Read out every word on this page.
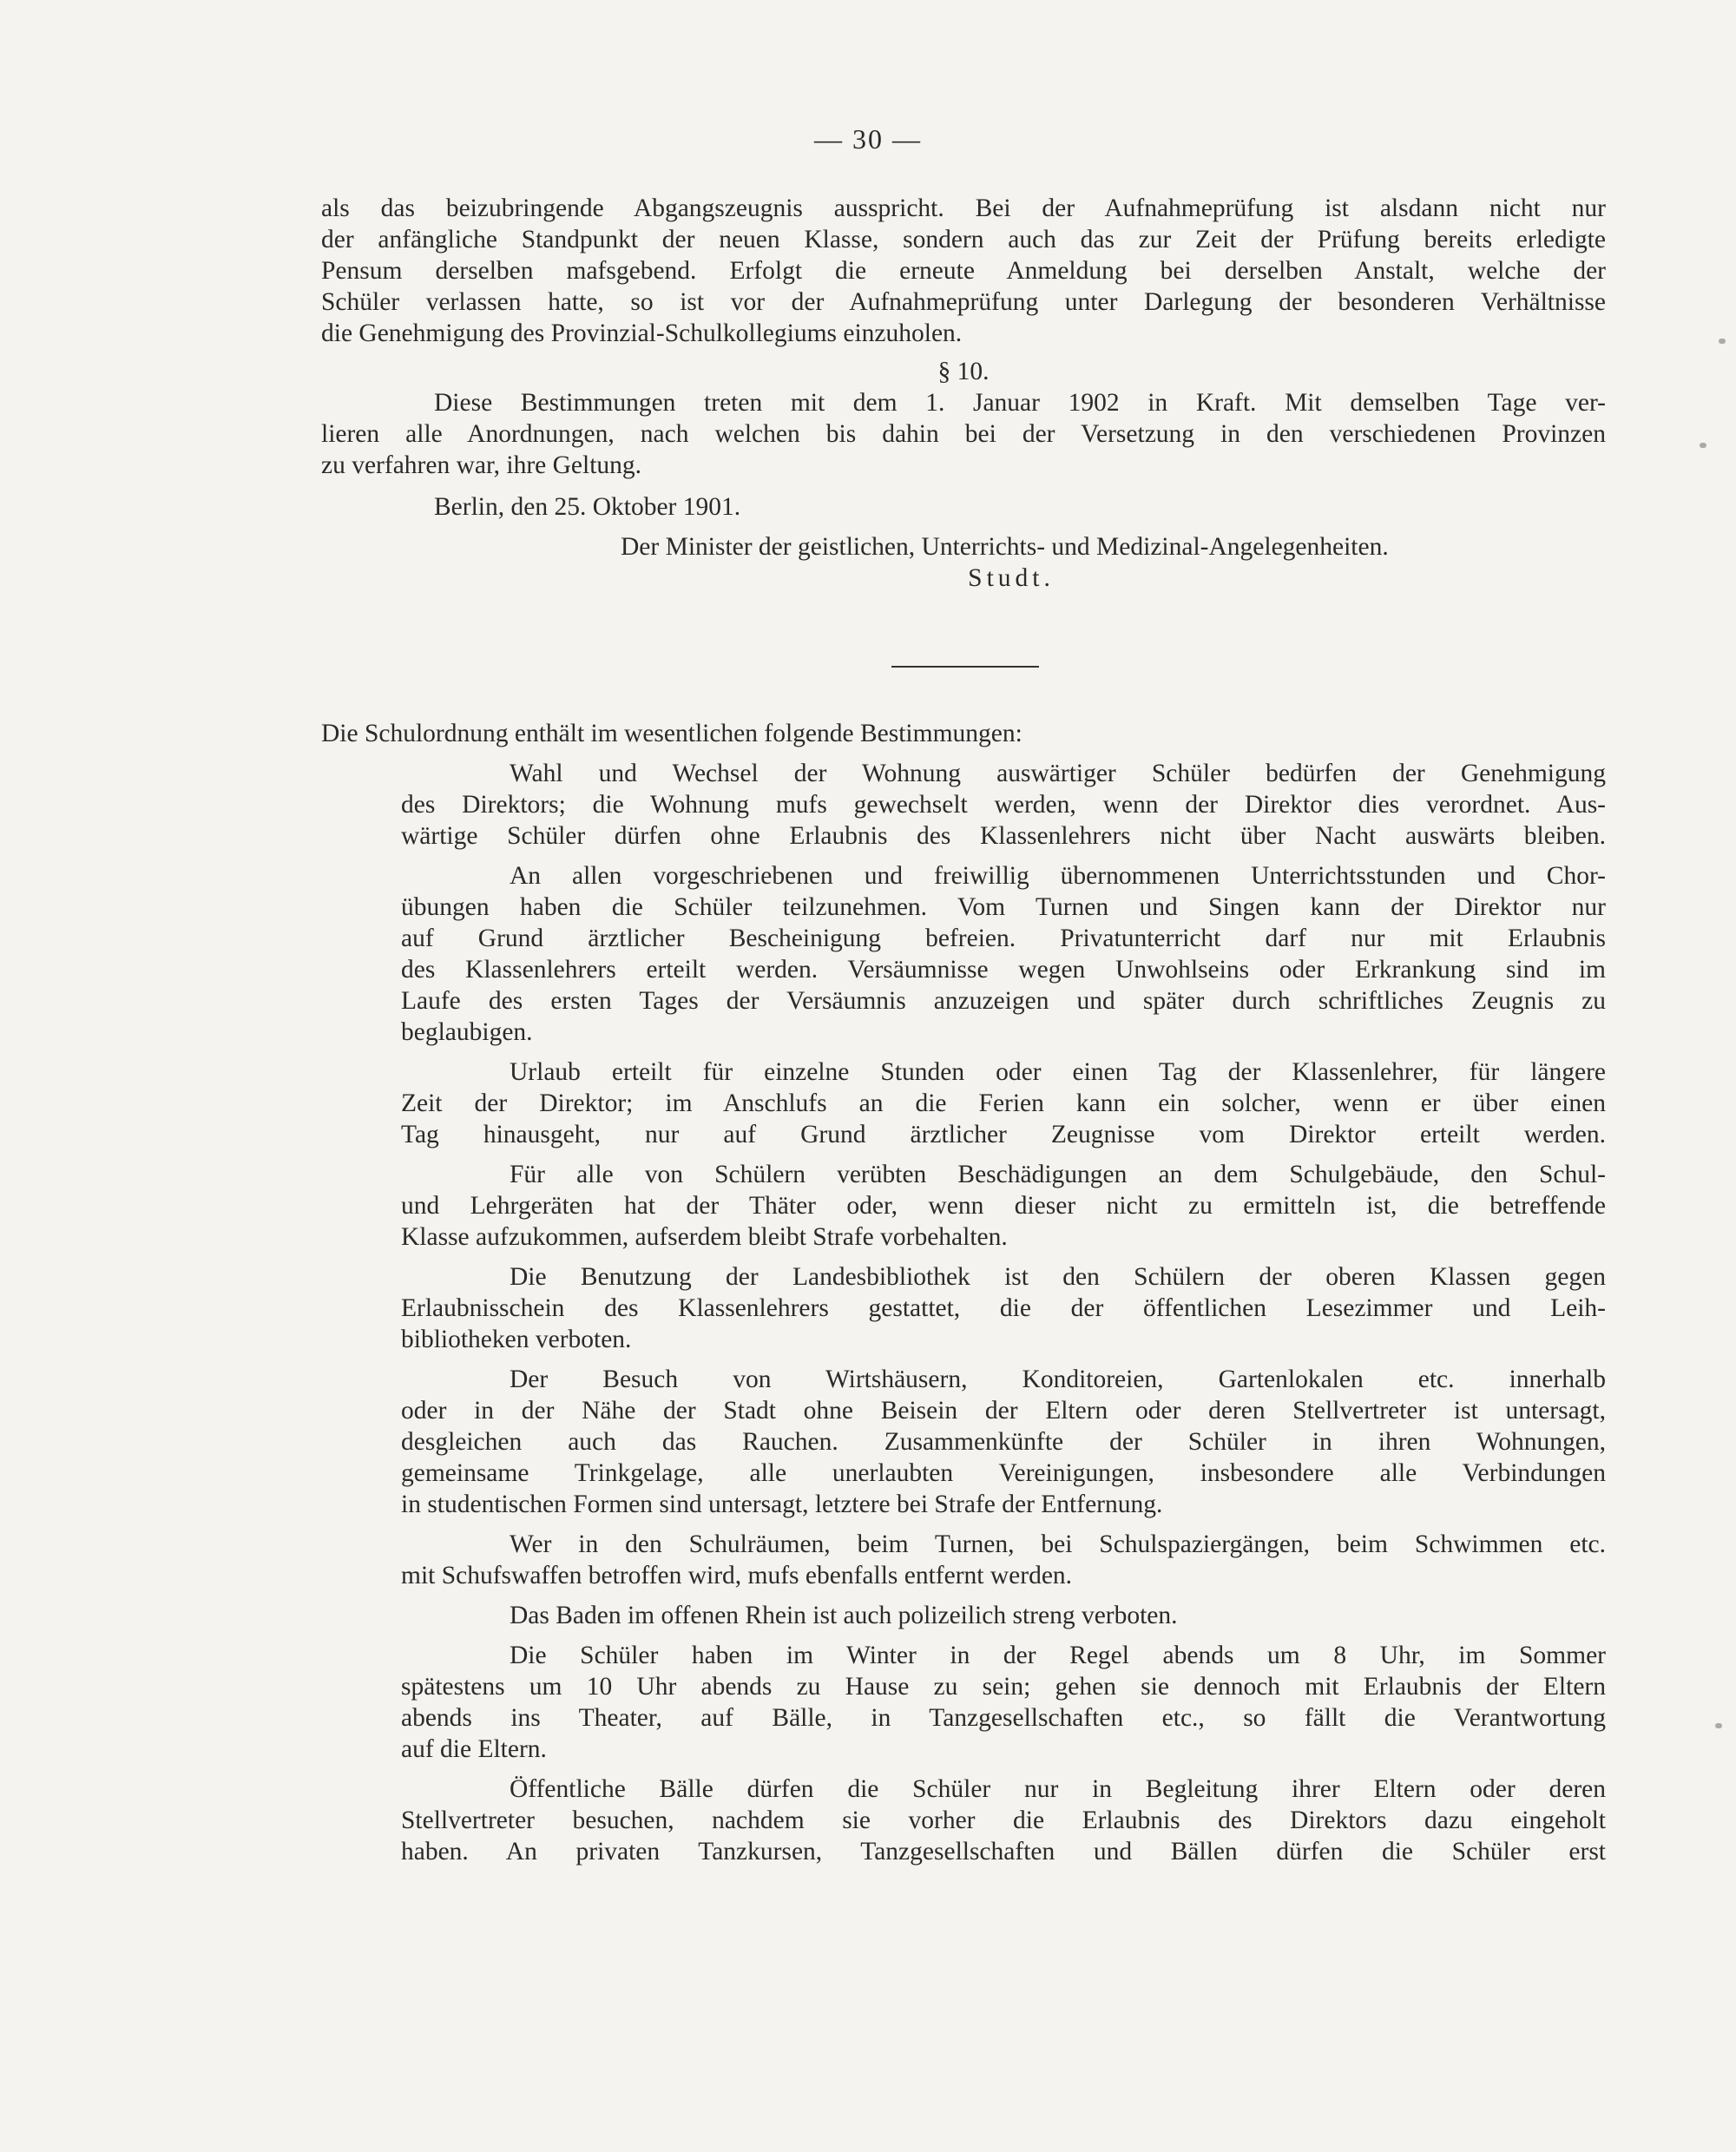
— 30 —
als das beizubringende Abgangszeugnis ausspricht. Bei der Aufnahmeprüfung ist alsdann nicht nur
der anfängliche Standpunkt der neuen Klasse, sondern auch das zur Zeit der Prüfung bereits erledigte
Pensum derselben mafsgebend. Erfolgt die erneute Anmeldung bei derselben Anstalt, welche der
Schüler verlassen hatte, so ist vor der Aufnahmeprüfung unter Darlegung der besonderen Verhältnisse
die Genehmigung des Provinzial-Schulkollegiums einzuholen.
§ 10.
Diese Bestimmungen treten mit dem 1. Januar 1902 in Kraft. Mit demselben Tage ver-
lieren alle Anordnungen, nach welchen bis dahin bei der Versetzung in den verschiedenen Provinzen
zu verfahren war, ihre Geltung.
Berlin, den 25. Oktober 1901.
Der Minister der geistlichen, Unterrichts- und Medizinal-Angelegenheiten.
Studt.
Die Schulordnung enthält im wesentlichen folgende Bestimmungen:
Wahl und Wechsel der Wohnung auswärtiger Schüler bedürfen der Genehmigung
des Direktors; die Wohnung mufs gewechselt werden, wenn der Direktor dies verordnet. Aus-
wärtige Schüler dürfen ohne Erlaubnis des Klassenlehrers nicht über Nacht auswärts bleiben.
An allen vorgeschriebenen und freiwillig übernommenen Unterrichtsstunden und Chor-
übungen haben die Schüler teilzunehmen. Vom Turnen und Singen kann der Direktor nur
auf Grund ärztlicher Bescheinigung befreien. Privatunterricht darf nur mit Erlaubnis
des Klassenlehrers erteilt werden. Versäumnisse wegen Unwohlseins oder Erkrankung sind im
Laufe des ersten Tages der Versäumnis anzuzeigen und später durch schriftliches Zeugnis zu
beglaubigen.
Urlaub erteilt für einzelne Stunden oder einen Tag der Klassenlehrer, für längere
Zeit der Direktor; im Anschlufs an die Ferien kann ein solcher, wenn er über einen
Tag hinausgeht, nur auf Grund ärztlicher Zeugnisse vom Direktor erteilt werden.
Für alle von Schülern verübten Beschädigungen an dem Schulgebäude, den Schul-
und Lehrgeräten hat der Thäter oder, wenn dieser nicht zu ermitteln ist, die betreffende
Klasse aufzukommen, aufserdem bleibt Strafe vorbehalten.
Die Benutzung der Landesbibliothek ist den Schülern der oberen Klassen gegen
Erlaubnisschein des Klassenlehrers gestattet, die der öffentlichen Lesezimmer und Leih-
bibliotheken verboten.
Der Besuch von Wirtshäusern, Konditoreien, Gartenlokalen etc. innerhalb
oder in der Nähe der Stadt ohne Beisein der Eltern oder deren Stellvertreter ist untersagt,
desgleichen auch das Rauchen. Zusammenkünfte der Schüler in ihren Wohnungen,
gemeinsame Trinkgelage, alle unerlaubten Vereinigungen, insbesondere alle Verbindungen
in studentischen Formen sind untersagt, letztere bei Strafe der Entfernung.
Wer in den Schulräumen, beim Turnen, bei Schulspaziergängen, beim Schwimmen etc.
mit Schufswaffen betroffen wird, mufs ebenfalls entfernt werden.
Das Baden im offenen Rhein ist auch polizeilich streng verboten.
Die Schüler haben im Winter in der Regel abends um 8 Uhr, im Sommer
spätestens um 10 Uhr abends zu Hause zu sein; gehen sie dennoch mit Erlaubnis der Eltern
abends ins Theater, auf Bälle, in Tanzgesellschaften etc., so fällt die Verantwortung
auf die Eltern.
Öffentliche Bälle dürfen die Schüler nur in Begleitung ihrer Eltern oder deren
Stellvertreter besuchen, nachdem sie vorher die Erlaubnis des Direktors dazu eingeholt
haben. An privaten Tanzkursen, Tanzgesellschaften und Bällen dürfen die Schüler erst
